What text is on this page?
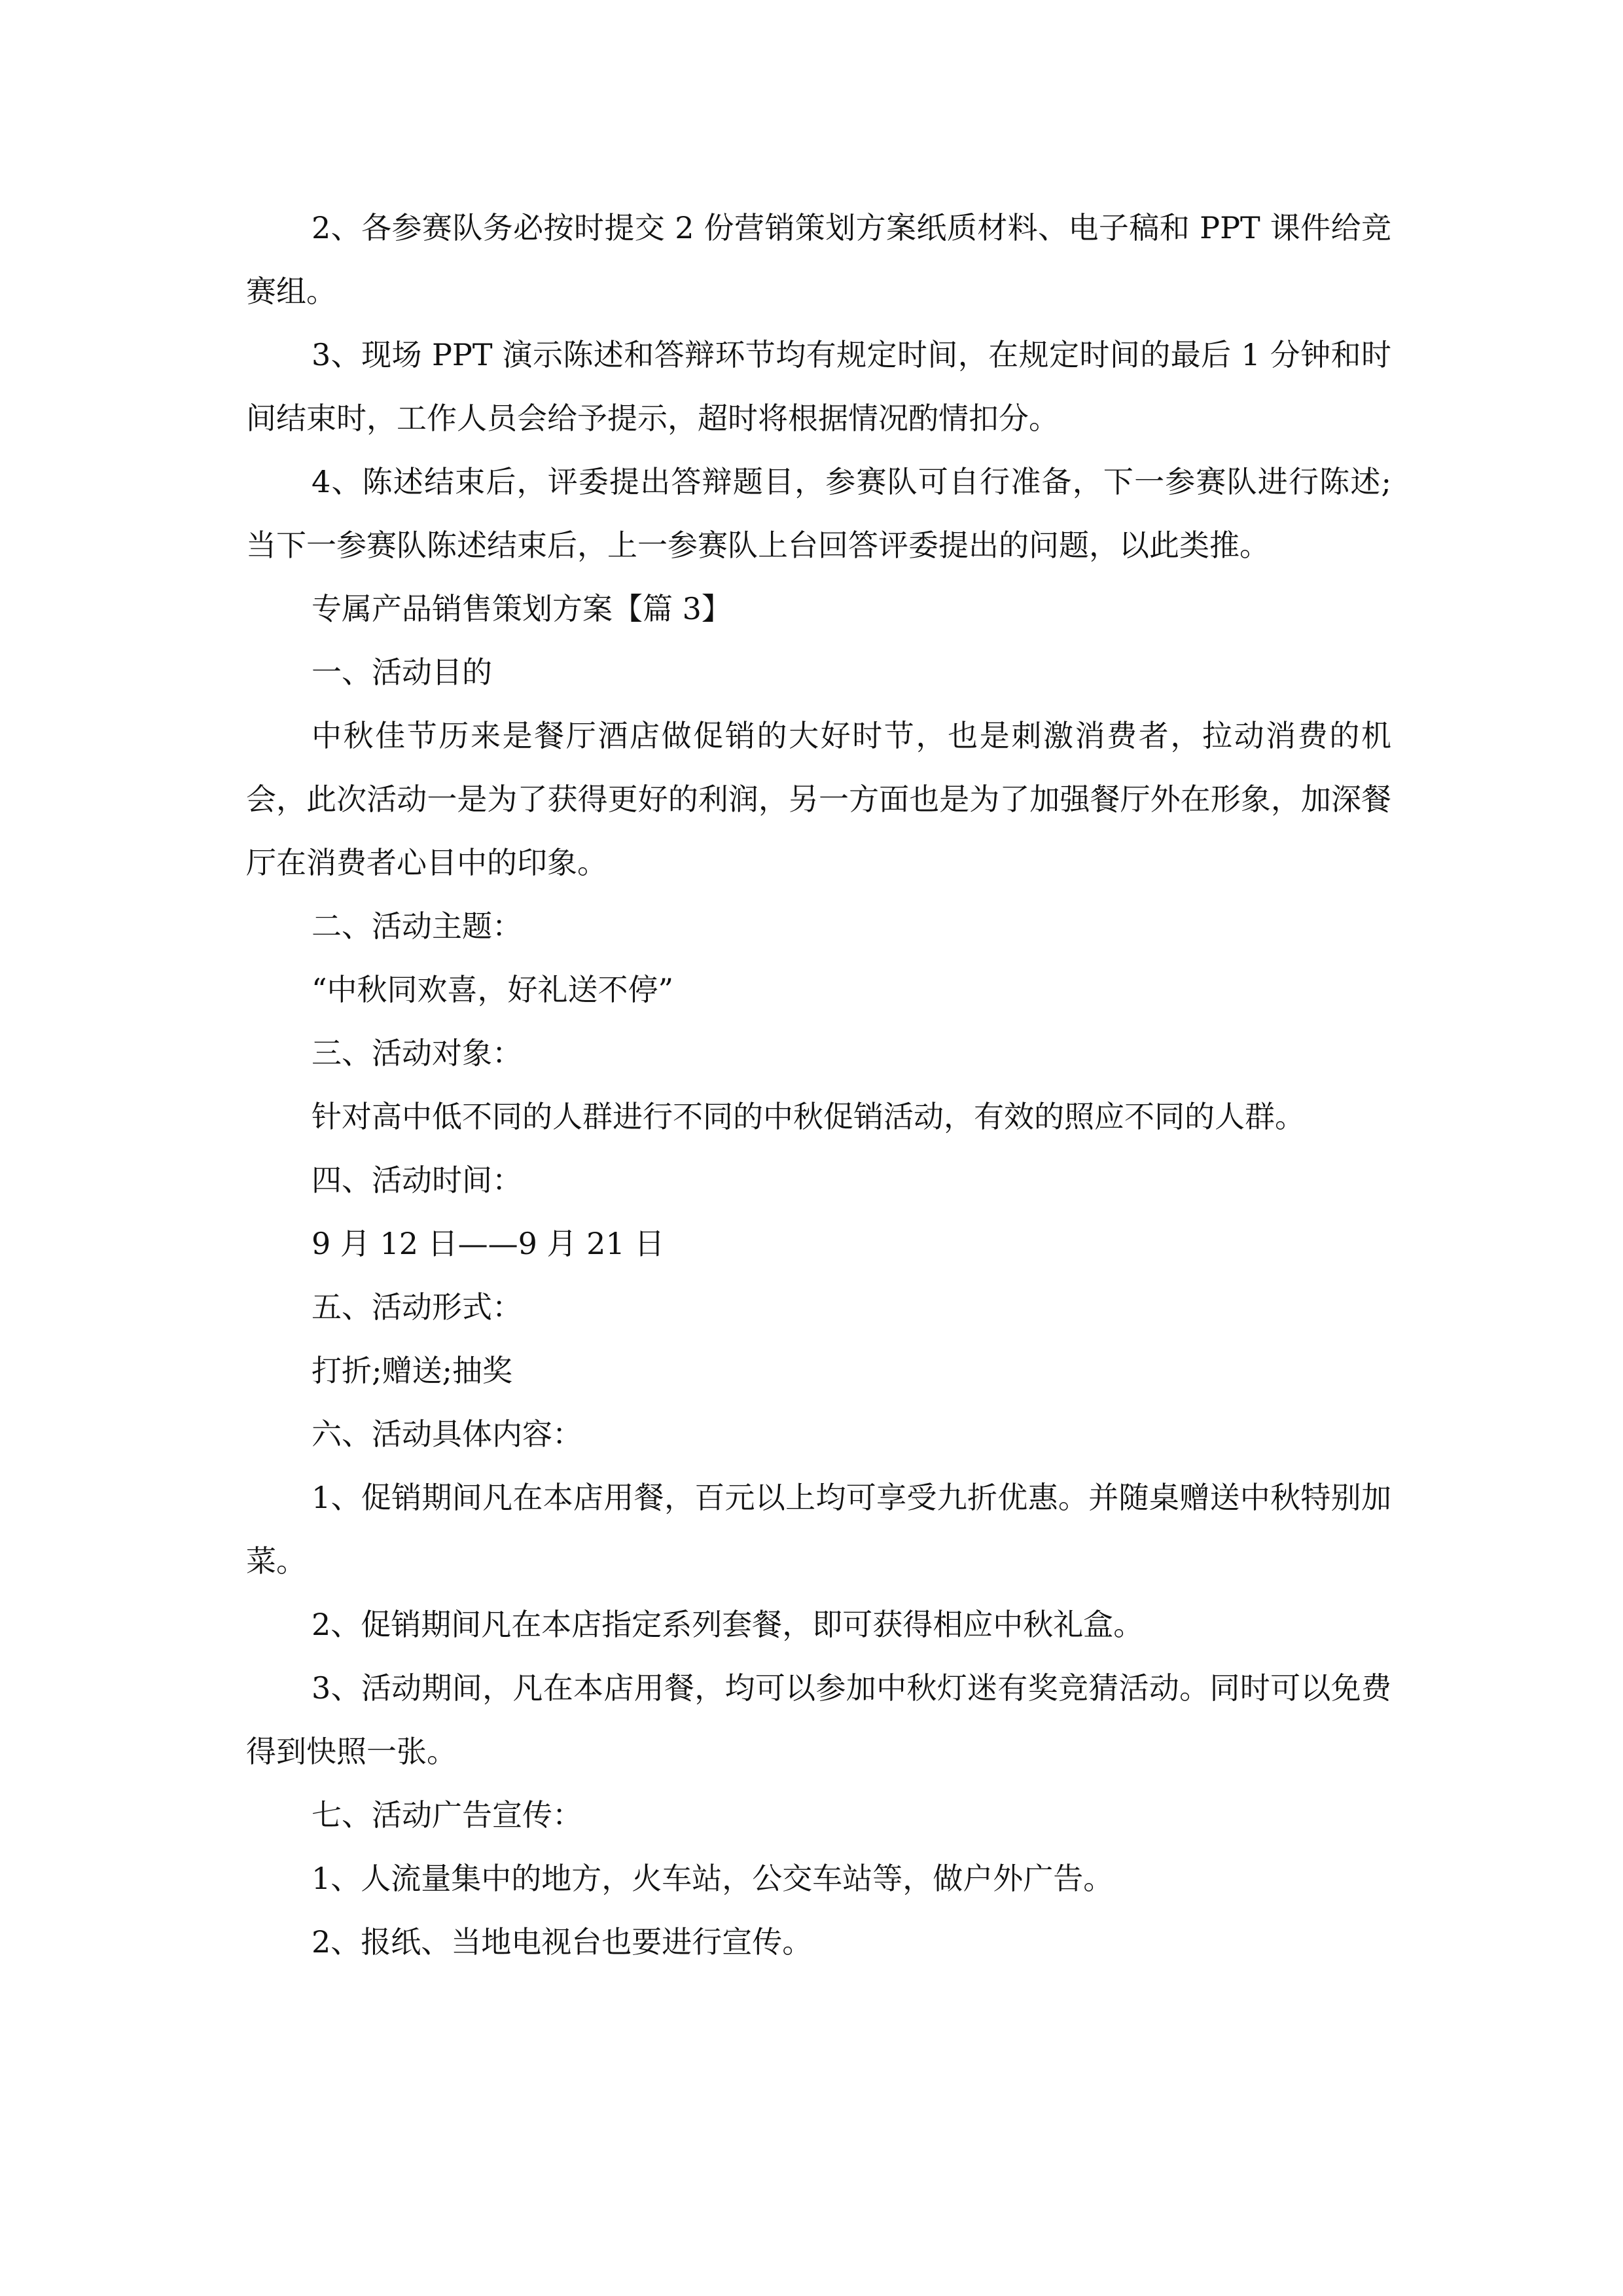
2、各参赛队务必按时提交 2 份营销策划方案纸质材料、电子稿和 PPT 课件给竞赛组。

3、现场 PPT 演示陈述和答辩环节均有规定时间，在规定时间的最后 1 分钟和时间结束时，工作人员会给予提示，超时将根据情况酌情扣分。

4、陈述结束后，评委提出答辩题目，参赛队可自行准备，下一参赛队进行陈述;当下一参赛队陈述结束后，上一参赛队上台回答评委提出的问题，以此类推。

专属产品销售策划方案【篇 3】

一、活动目的

中秋佳节历来是餐厅酒店做促销的大好时节，也是刺激消费者，拉动消费的机会，此次活动一是为了获得更好的利润，另一方面也是为了加强餐厅外在形象，加深餐厅在消费者心目中的印象。

二、活动主题：

“中秋同欢喜，好礼送不停”

三、活动对象：

针对高中低不同的人群进行不同的中秋促销活动，有效的照应不同的人群。

四、活动时间：

9 月 12 日——9 月 21 日

五、活动形式：

打折;赠送;抽奖

六、活动具体内容：

1、促销期间凡在本店用餐，百元以上均可享受九折优惠。并随桌赠送中秋特别加菜。

2、促销期间凡在本店指定系列套餐，即可获得相应中秋礼盒。

3、活动期间，凡在本店用餐，均可以参加中秋灯迷有奖竞猜活动。同时可以免费得到快照一张。

七、活动广告宣传：

1、人流量集中的地方，火车站，公交车站等，做户外广告。

2、报纸、当地电视台也要进行宣传。
